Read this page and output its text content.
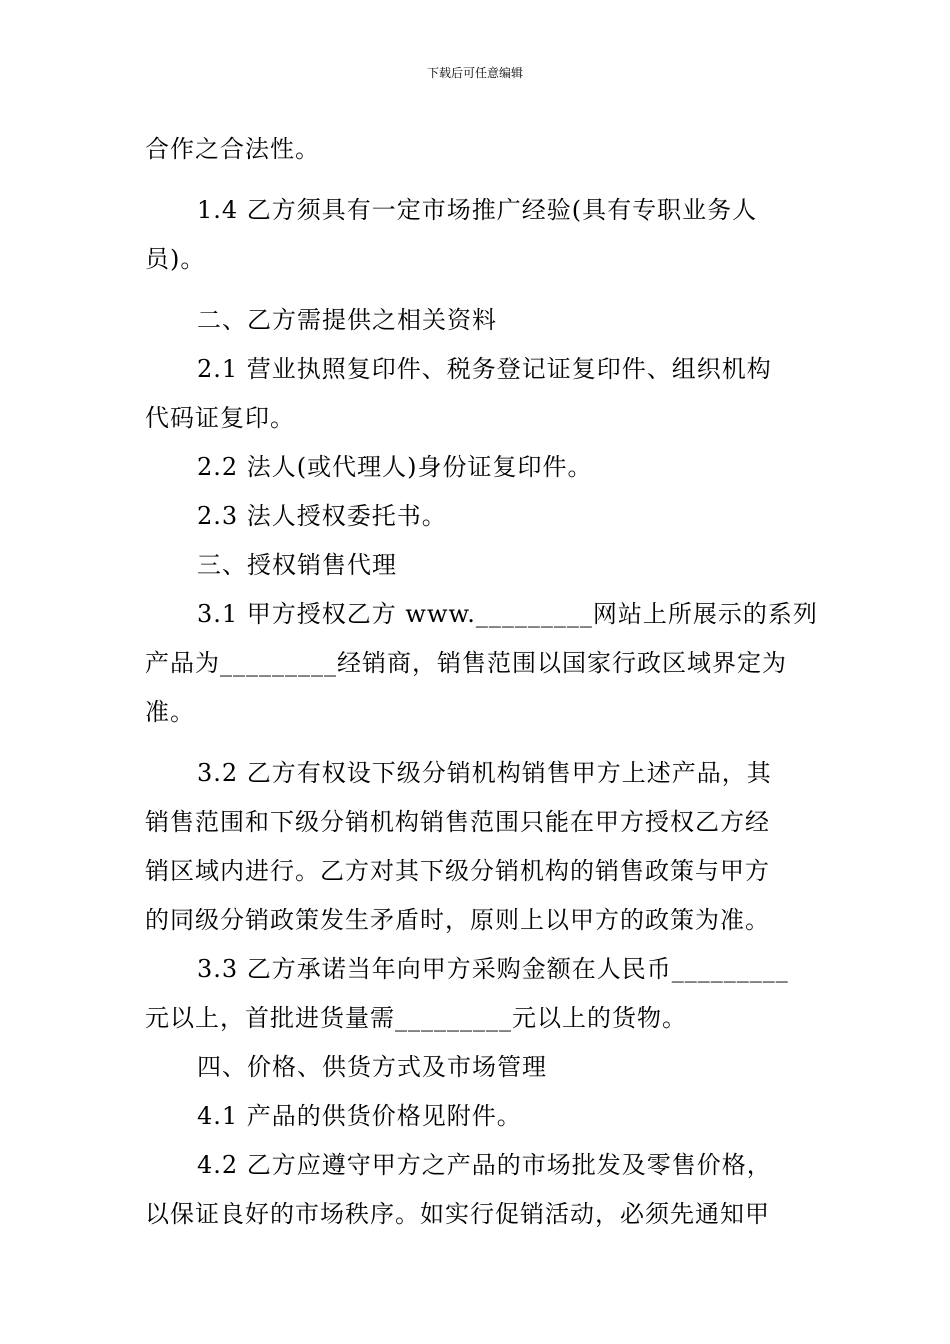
下载后可任意编辑
合作之合法性。
1.4 乙方须具有一定市场推广经验(具有专职业务人
员)。
二、乙方需提供之相关资料
2.1 营业执照复印件、税务登记证复印件、组织机构
代码证复印。
2.2 法人(或代理人)身份证复印件。
2.3 法人授权委托书。
三、授权销售代理
3.1 甲方授权乙方 www._________网站上所展示的系列
产品为_________经销商，销售范围以国家行政区域界定为
准。
3.2 乙方有权设下级分销机构销售甲方上述产品，其
销售范围和下级分销机构销售范围只能在甲方授权乙方经
销区域内进行。乙方对其下级分销机构的销售政策与甲方
的同级分销政策发生矛盾时，原则上以甲方的政策为准。
3.3 乙方承诺当年向甲方采购金额在人民币_________
元以上，首批进货量需_________元以上的货物。
四、价格、供货方式及市场管理
4.1 产品的供货价格见附件。
4.2 乙方应遵守甲方之产品的市场批发及零售价格，
以保证良好的市场秩序。如实行促销活动，必须先通知甲
